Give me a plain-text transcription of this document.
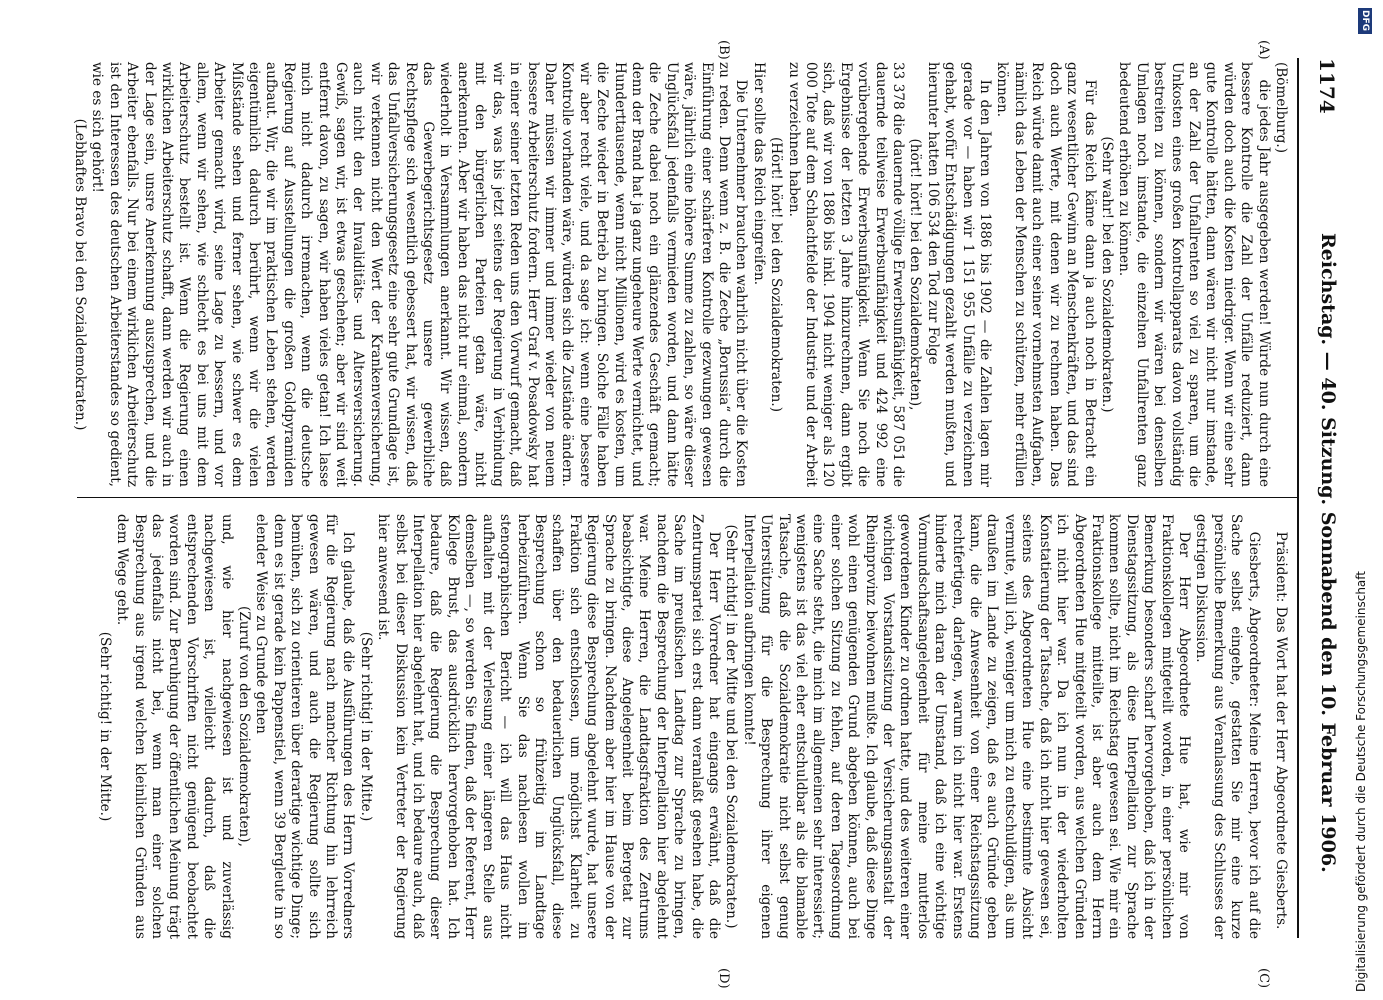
1174
Reichstag. — 40. Sitzung. Sonnabend den 10. Februar 1906.
(A)
(B)
(C)
(D)

(Bömelburg.)

die jedes Jahr ausgegeben werden! Würde nun durch eine bessere Kontrolle die Zahl der Unfälle reduziert, dann würden doch auch die Kosten niedriger. Wenn wir eine sehr gute Kontrolle hätten, dann wären wir nicht nur imstande, an der Zahl der Unfallrenten so viel zu sparen, um die Unkosten eines großen Kontrollapparats davon vollständig bestreiten zu können, sondern wir wären bei denselben Umlagen noch imstande, die einzelnen Unfallrenten ganz bedeutend erhöhen zu können.

(Sehr wahr! bei den Sozialdemokraten.)

Für das Reich käme dann ja auch noch in Betracht ein ganz wesentlicher Gewinn an Menschenkräften, und das sind doch auch Werte, mit denen wir zu rechnen haben. Das Reich würde damit auch einer seiner vornehmsten Aufgaben, nämlich das Leben der Menschen zu schützen, mehr erfüllen können.

In den Jahren von 1886 bis 1902 — die Zahlen lagen mir gerade vor — haben wir 1 151 955 Unfälle zu verzeichnen gehabt, wofür Entschädigungen gezahlt werden mußten, und hierunter hatten 106 534 den Tod zur Folge

(hört! hört! bei den Sozialdemokraten),

33 378 die dauernde völlige Erwerbsunfähigkeit, 587 051 die dauernde teilweise Erwerbsunfähigkeit und 424 992 eine vorübergehende Erwerbsunfähigkeit. Wenn Sie noch die Ergebnisse der letzten 3 Jahre hinzurechnen, dann ergibt sich, daß wir von 1886 bis inkl. 1904 nicht weniger als 120 000 Tote auf dem Schlachtfelde der Industrie und der Arbeit zu verzeichnen haben.

(Hört! hört! bei den Sozialdemokraten.)

Hier sollte das Reich eingreifen.

Die Unternehmer brauchen wahrlich nicht über die Kosten zu reden. Denn wenn z. B. die Zeche „Borussia“ durch die Einführung einer schärferen Kontrolle gezwungen gewesen wäre, jährlich eine höhere Summe zu zahlen, so wäre dieser Unglücksfall jedenfalls vermieden worden, und dann hätte die Zeche dabei noch ein glänzendes Geschäft gemacht; denn der Brand hat ja ganz ungeheure Werte vernichtet, und Hunderttausende, wenn nicht Millionen, wird es kosten, um die Zeche wieder in Betrieb zu bringen. Solche Fälle haben wir aber recht viele, und da sage ich: wenn eine bessere Kontrolle vorhanden wäre, würden sich die Zustände ändern. Daher müssen wir immer und immer wieder von neuem bessere Arbeiterschutz fordern. Herr Graf v. Posadowsky hat in einer seiner letzten Reden uns den Vorwurf gemacht, daß wir das, was bis jetzt seitens der Regierung in Verbindung mit den bürgerlichen Parteien getan wäre, nicht anerkennten. Aber wir haben das nicht nur einmal, sondern wiederholt in Versammlungen anerkannt. Wir wissen, daß das Gewerbegerichtsgesetz unsere gewerbliche Rechtspflege sich wesentlich gebessert hat, wir wissen, daß das Unfallversicherungsgesetz eine sehr gute Grundlage ist, wir verkennen nicht den Wert der Krankenversicherung, auch nicht den der Invaliditäts- und Altersversicherung. Gewiß, sagen wir, ist etwas geschehen; aber wir sind weit entfernt davon, zu sagen, wir haben vieles getan! Ich lasse mich nicht dadurch irremachen, wenn die deutsche Regierung auf Ausstellungen die großen Goldpyramiden aufbaut. Wir, die wir im praktischen Leben stehen, werden eigentümlich dadurch berührt, wenn wir die vielen Mißstände sehen und ferner sehen, wie schwer es dem Arbeiter gemacht wird, seine Lage zu bessern, und vor allem, wenn wir sehen, wie schlecht es bei uns mit dem Arbeiterschutz bestellt ist. Wenn die Regierung einen wirklichen Arbeiterschutz schafft, dann werden wir auch in der Lage sein, unsre Anerkennung auszusprechen, und die Arbeiter ebenfalls. Nur bei einem wirklichen Arbeiterschutz ist den Interessen des deutschen Arbeiterstandes so gedient, wie es sich gehört!

(Lebhaftes Bravo bei den Sozialdemokraten.)

Präsident: Das Wort hat der Herr Abgeordnete Giesberts.

Giesberts, Abgeordneter: Meine Herren, bevor ich auf die Sache selbst eingehe, gestatten Sie mir eine kurze persönliche Bemerkung aus Veranlassung des Schlusses der gestrigen Diskussion.

Der Herr Abgeordnete Hue hat, wie mir von Fraktionskollegen mitgeteilt worden, in einer persönlichen Bemerkung besonders scharf hervorgehoben, daß ich in der Dienstagssitzung, als diese Interpellation zur Sprache kommen sollte, nicht im Reichstag gewesen sei. Wie mir ein Fraktionskollege mitteilte, ist aber auch dem Herrn Abgeordneten Hue mitgeteilt worden, aus welchen Gründen ich nicht hier war. Da ich nun in der wiederholten Konstatierung der Tatsache, daß ich nicht hier gewesen sei, seitens des Abgeordneten Hue eine bestimmte Absicht vermute, will ich, weniger um mich zu entschuldigen, als um draußen im Lande zu zeigen, daß es auch Gründe geben kann, die die Anwesenheit von einer Reichstagssitzung rechtfertigen, darlegen, warum ich nicht hier war. Erstens hinderte mich daran der Umstand, daß ich eine wichtige Vormundschaftsangelegenheit für meine mutterlos gewordenen Kinder zu ordnen hatte, und des weiteren einer wichtigen Vorstandssitzung der Versicherungsanstalt der Rheinprovinz beiwohnen mußte. Ich glaube, daß diese Dinge wohl einen genügenden Grund abgeben können, auch bei einer solchen Sitzung zu fehlen, auf deren Tagesordnung eine Sache steht, die mich im allgemeinen sehr interessiert; wenigstens ist das viel eher entschuldbar als die blamable Tatsache, daß die Sozialdemokratie nicht selbst genug Unterstützung für die Besprechung ihrer eigenen Interpellation aufbringen konnte!

(Sehr richtig! in der Mitte und bei den Sozialdemokraten.)

Der Herr Vorredner hat eingangs erwähnt, daß die Zentrumspartei sich erst dann veranlaßt gesehen habe, die Sache im preußischen Landtag zur Sprache zu bringen, nachdem die Besprechung der Interpellation hier abgelehnt war. Meine Herren, die Landtagsfraktion des Zentrums beabsichtigte, diese Angelegenheit beim Bergetat zur Sprache zu bringen. Nachdem aber hier im Hause von der Regierung diese Besprechung abgelehnt wurde, hat unsere Fraktion sich entschlossen, um möglichst Klarheit zu schaffen über den bedauerlichen Unglücksfall, diese Besprechung schon so frühzeitig im Landtage herbeizuführen. Wenn Sie das nachlesen wollen im stenographischen Bericht — ich will das Haus nicht aufhalten mit der Verlesung einer längeren Stelle aus demselben —, so werden Sie finden, daß der Referent, Herr Kollege Brust, das ausdrücklich hervorgehoben hat. Ich bedaure, daß die Regierung die Besprechung dieser Interpellation hier abgelehnt hat, und ich bedaure auch, daß selbst bei dieser Diskussion kein Vertreter der Regierung hier anwesend ist.

(Sehr richtig! in der Mitte.)

Ich glaube, daß die Ausführungen des Herrn Vorredners für die Regierung nach mancher Richtung hin lehrreich gewesen wären, und auch die Regierung sollte sich bemühen, sich zu orientieren über derartige wichtige Dinge; denn es ist gerade kein Pappenstiel, wenn 39 Bergleute in so elender Weise zu Grunde gehen

(Zuruf von den Sozialdemokraten),

und, wie hier nachgewiesen ist und zuverlässig nachgewiesen ist, vielleicht dadurch, daß die entsprechenden Vorschriften nicht genügend beobachtet worden sind. Zur Beruhigung der öffentlichen Meinung trägt das jedenfalls nicht bei, wenn man einer solchen Besprechung aus irgend welchen kleinlichen Gründen aus dem Wege geht.

(Sehr richtig! in der Mitte.)	Digitalisierung gefördert durch die Deutsche Forschungsgemeinschaft
DFG
